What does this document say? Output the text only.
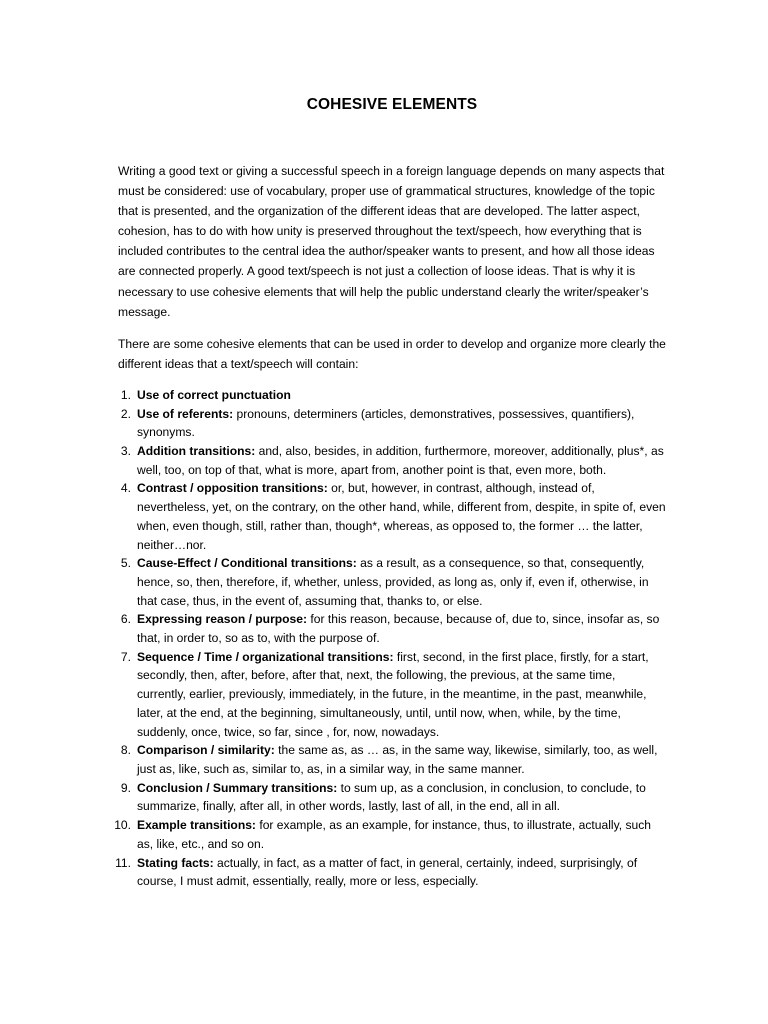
COHESIVE ELEMENTS

Writing a good text or giving a successful speech in a foreign language depends on many aspects that must be considered: use of vocabulary, proper use of grammatical structures, knowledge of the topic that is presented, and the organization of the different ideas that are developed. The latter aspect, cohesion, has to do with how unity is preserved throughout the text/speech, how everything that is included contributes to the central idea the author/speaker wants to present, and how all those ideas are connected properly. A good text/speech is not just a collection of loose ideas. That is why it is necessary to use cohesive elements that will help the public understand clearly the writer/speaker’s message.

There are some cohesive elements that can be used in order to develop and organize more clearly the different ideas that a text/speech will contain:

1. Use of correct punctuation
2. Use of referents: pronouns, determiners (articles, demonstratives, possessives, quantifiers), synonyms.
3. Addition transitions: and, also, besides, in addition, furthermore, moreover, additionally, plus*, as well, too, on top of that, what is more, apart from, another point is that, even more, both.
4. Contrast / opposition transitions: or, but, however, in contrast, although, instead of, nevertheless, yet, on the contrary, on the other hand, while, different from, despite, in spite of, even when, even though, still, rather than, though*, whereas, as opposed to, the former … the latter, neither…nor.
5. Cause-Effect / Conditional transitions: as a result, as a consequence, so that, consequently, hence, so, then, therefore, if, whether, unless, provided, as long as, only if, even if, otherwise, in that case, thus, in the event of, assuming that, thanks to, or else.
6. Expressing reason / purpose: for this reason, because, because of, due to, since, insofar as, so that, in order to, so as to, with the purpose of.
7. Sequence / Time / organizational transitions: first, second, in the first place, firstly, for a start, secondly, then, after, before, after that, next, the following, the previous, at the same time, currently, earlier, previously, immediately, in the future, in the meantime, in the past, meanwhile, later, at the end, at the beginning, simultaneously, until, until now, when, while, by the time, suddenly, once, twice, so far, since , for, now, nowadays.
8. Comparison / similarity: the same as, as … as, in the same way, likewise, similarly, too, as well, just as, like, such as, similar to, as, in a similar way, in the same manner.
9. Conclusion / Summary transitions: to sum up, as a conclusion, in conclusion, to conclude, to summarize, finally, after all, in other words, lastly, last of all, in the end, all in all.
10. Example transitions: for example, as an example, for instance, thus, to illustrate, actually, such as, like, etc., and so on.
11. Stating facts: actually, in fact, as a matter of fact, in general, certainly, indeed, surprisingly, of course, I must admit, essentially, really, more or less, especially.
